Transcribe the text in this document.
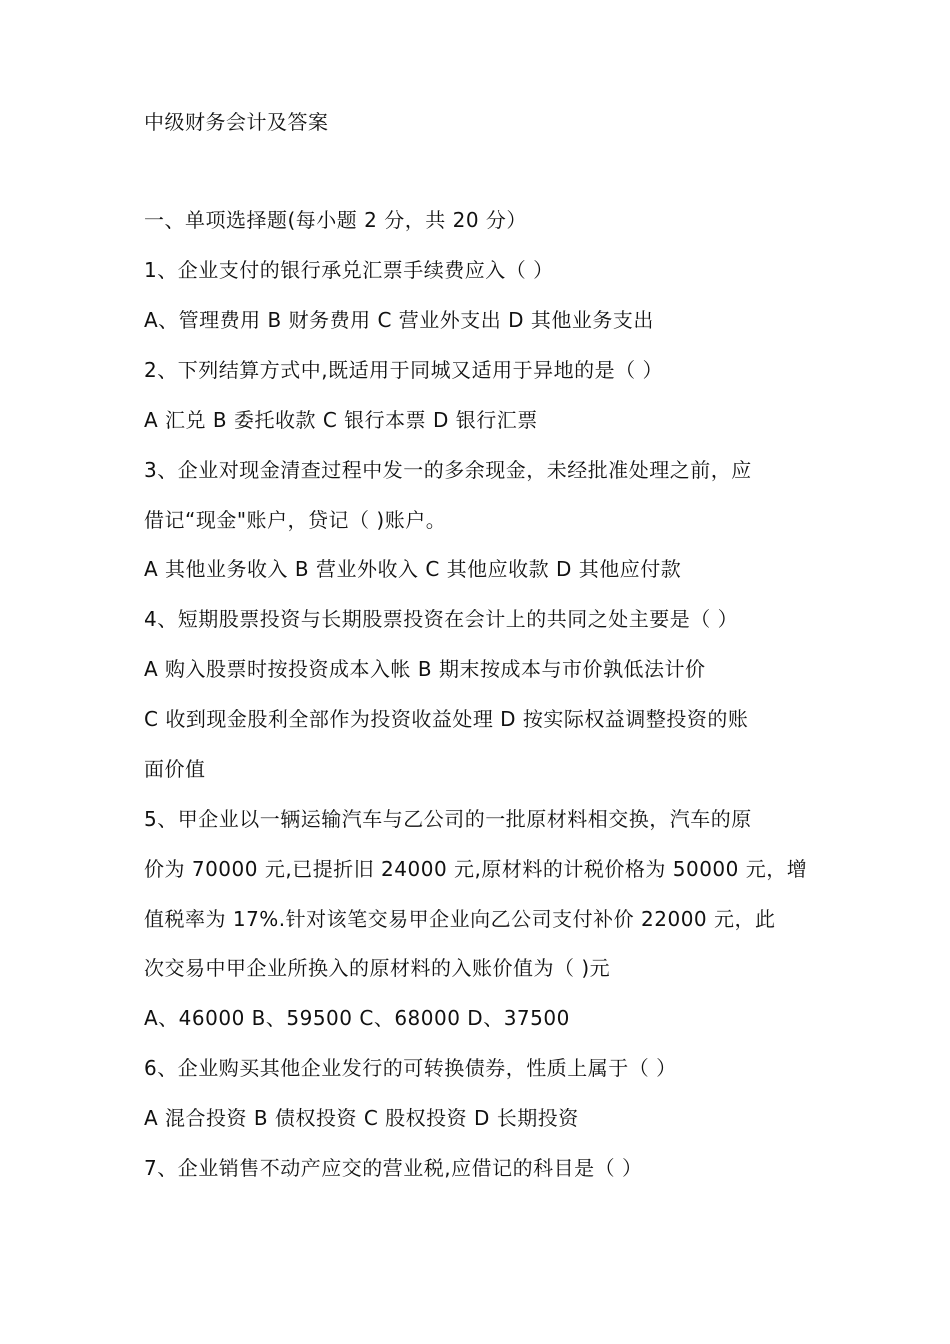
中级财务会计及答案
一、单项选择题(每小题 2 分，共 20 分）
1、企业支付的银行承兑汇票手续费应入（ ）
A、管理费用 B 财务费用 C 营业外支出 D 其他业务支出
2、下列结算方式中,既适用于同城又适用于异地的是（ ）
A 汇兑 B 委托收款 C 银行本票 D 银行汇票
3、企业对现金清查过程中发一的多余现金，未经批准处理之前，应
借记“现金"账户，贷记（ )账户。
A 其他业务收入 B 营业外收入 C 其他应收款 D 其他应付款
4、短期股票投资与长期股票投资在会计上的共同之处主要是（ ）
A 购入股票时按投资成本入帐 B 期末按成本与市价孰低法计价
C 收到现金股利全部作为投资收益处理 D 按实际权益调整投资的账
面价值
5、甲企业以一辆运输汽车与乙公司的一批原材料相交换，汽车的原
价为 70000 元,已提折旧 24000 元,原材料的计税价格为 50000 元，增
值税率为 17%.针对该笔交易甲企业向乙公司支付补价 22000 元，此
次交易中甲企业所换入的原材料的入账价值为（ )元
A、46000 B、59500 C、68000 D、37500
6、企业购买其他企业发行的可转换债券，性质上属于（ ）
A 混合投资 B 债权投资 C 股权投资 D 长期投资
7、企业销售不动产应交的营业税,应借记的科目是（ ）
